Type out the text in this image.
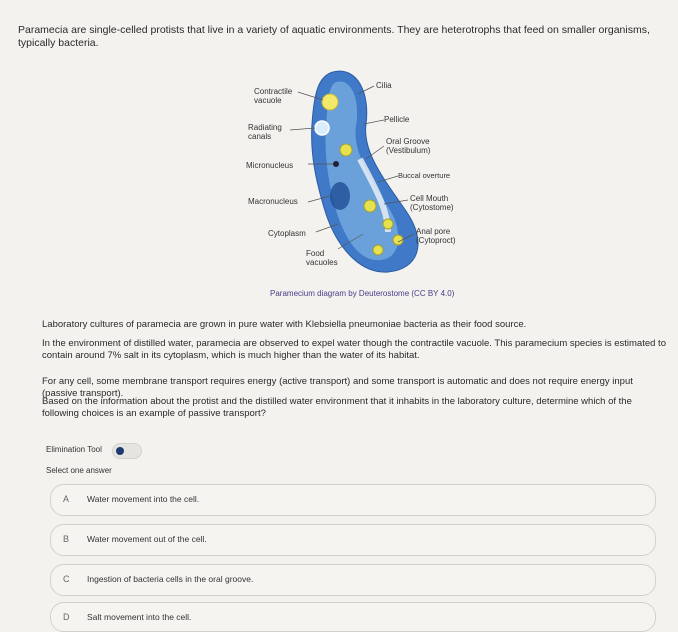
Paramecia are single-celled protists that live in a variety of aquatic environments. They are heterotrophs that feed on smaller organisms, typically bacteria.
Contractile vacuole
Radiating canals
Micronucleus
Macronucleus
Cytoplasm
Food vacuoles
Cilia
Pellicle
Oral Groove (Vestibulum)
Buccal overture
Cell Mouth (Cytostome)
Anal pore (Cytoproct)
Paramecium diagram by Deuterostome (CC BY 4.0)
Laboratory cultures of paramecia are grown in pure water with Klebsiella pneumoniae bacteria as their food source.
In the environment of distilled water, paramecia are observed to expel water though the contractile vacuole. This paramecium species is estimated to contain around 7% salt in its cytoplasm, which is much higher than the water of its habitat.
For any cell, some membrane transport requires energy (active transport) and some transport is automatic and does not require energy input (passive transport).
Based on the information about the protist and the distilled water environment that it inhabits in the laboratory culture, determine which of the following choices is an example of passive transport?
Elimination Tool
Select one answer
A Water movement into the cell.
B Water movement out of the cell.
C Ingestion of bacteria cells in the oral groove.
D Salt movement into the cell.
